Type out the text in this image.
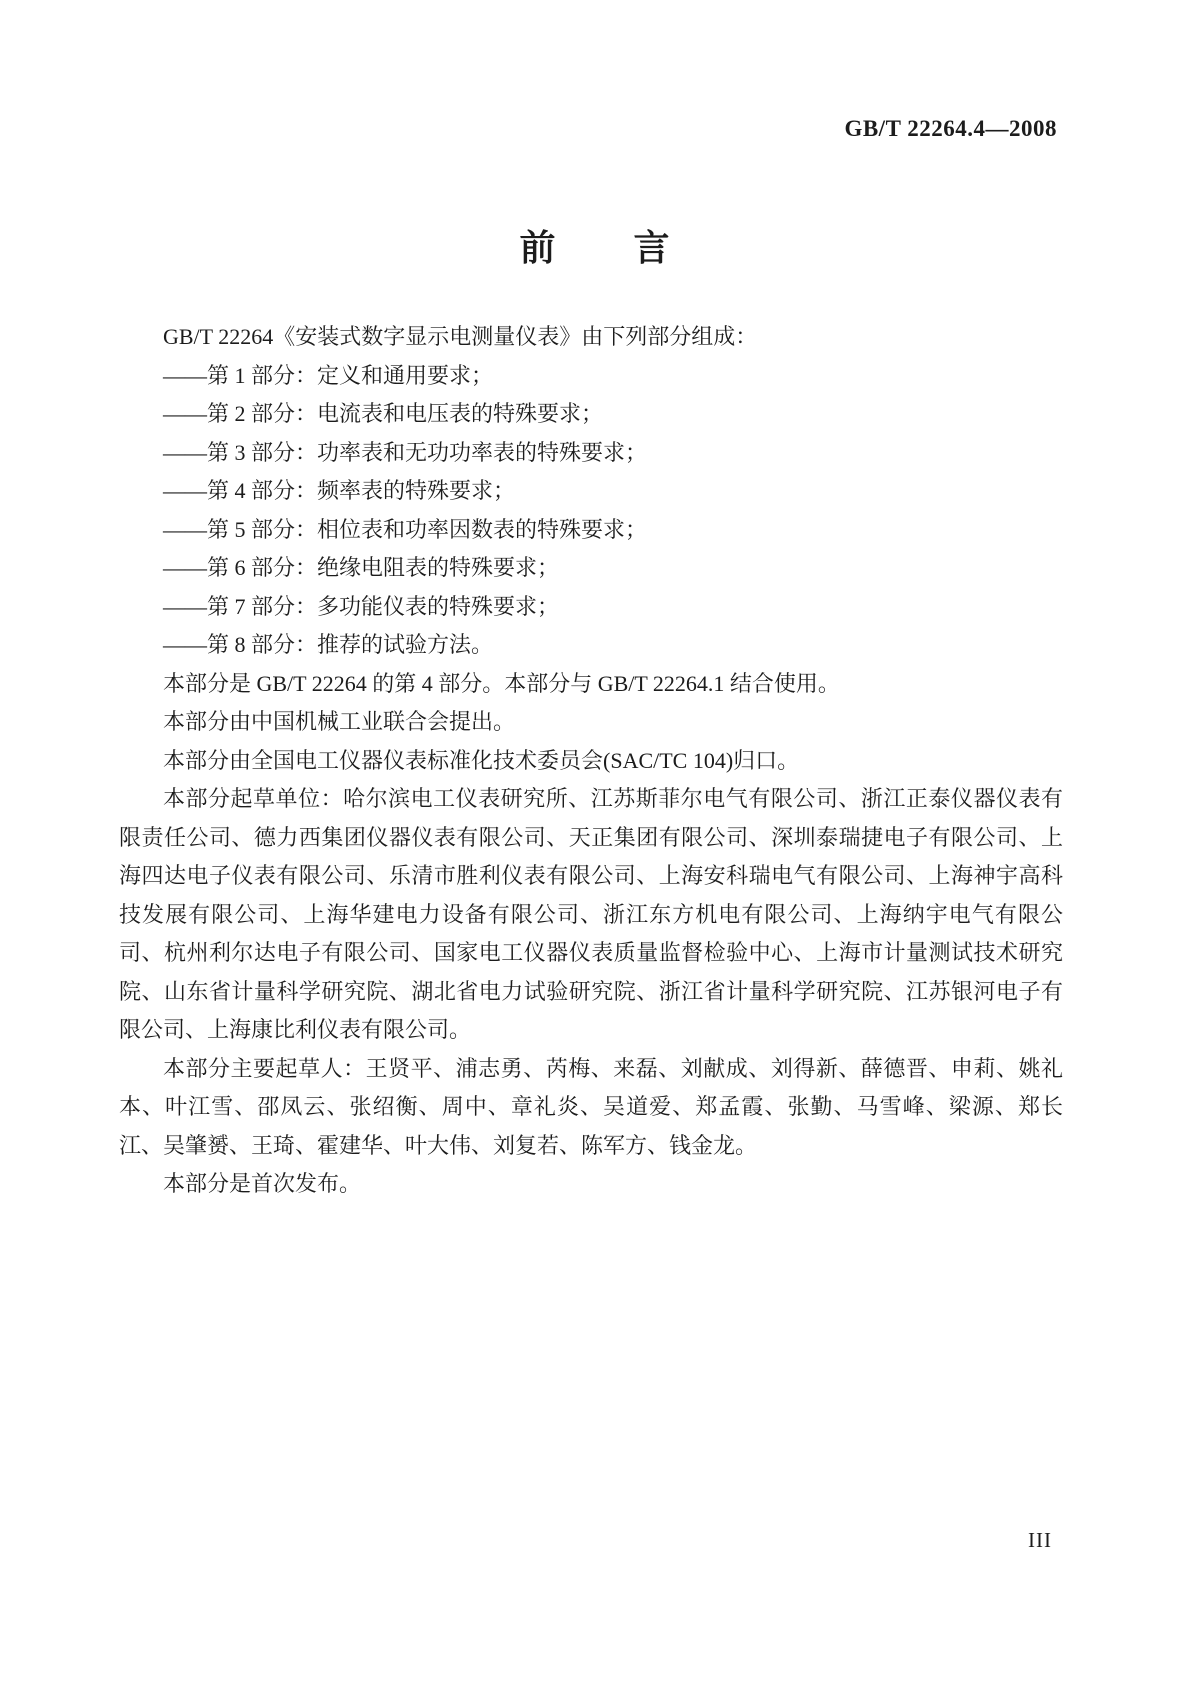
GB/T 22264.4—2008
前　　言

GB/T 22264《安装式数字显示电测量仪表》由下列部分组成：

——第 1 部分：定义和通用要求；

——第 2 部分：电流表和电压表的特殊要求；

——第 3 部分：功率表和无功功率表的特殊要求；

——第 4 部分：频率表的特殊要求；

——第 5 部分：相位表和功率因数表的特殊要求；

——第 6 部分：绝缘电阻表的特殊要求；

——第 7 部分：多功能仪表的特殊要求；

——第 8 部分：推荐的试验方法。

本部分是 GB/T 22264 的第 4 部分。本部分与 GB/T 22264.1 结合使用。

本部分由中国机械工业联合会提出。

本部分由全国电工仪器仪表标准化技术委员会(SAC/TC 104)归口。

本部分起草单位：哈尔滨电工仪表研究所、江苏斯菲尔电气有限公司、浙江正泰仪器仪表有限责任公司、德力西集团仪器仪表有限公司、天正集团有限公司、深圳泰瑞捷电子有限公司、上海四达电子仪表有限公司、乐清市胜利仪表有限公司、上海安科瑞电气有限公司、上海神宇高科技发展有限公司、上海华建电力设备有限公司、浙江东方机电有限公司、上海纳宇电气有限公司、杭州利尔达电子有限公司、国家电工仪器仪表质量监督检验中心、上海市计量测试技术研究院、山东省计量科学研究院、湖北省电力试验研究院、浙江省计量科学研究院、江苏银河电子有限公司、上海康比利仪表有限公司。

本部分主要起草人：王贤平、浦志勇、芮梅、来磊、刘献成、刘得新、薛德晋、申莉、姚礼本、叶江雪、邵凤云、张绍衡、周中、章礼炎、吴道爱、郑孟霞、张勤、马雪峰、梁源、郑长江、吴肇赟、王琦、霍建华、叶大伟、刘复若、陈军方、钱金龙。

本部分是首次发布。

III
